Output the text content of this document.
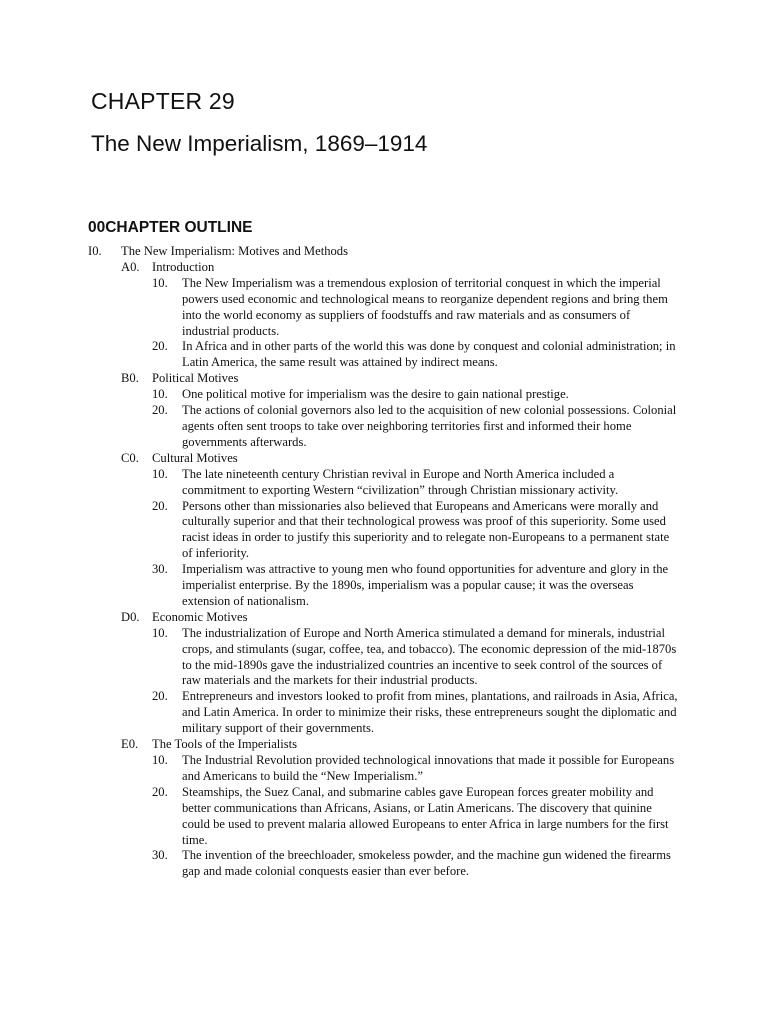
CHAPTER 29
The New Imperialism, 1869–1914
00CHAPTER OUTLINE
I0. The New Imperialism: Motives and Methods
A0. Introduction
10. The New Imperialism was a tremendous explosion of territorial conquest in which the imperial powers used economic and technological means to reorganize dependent regions and bring them into the world economy as suppliers of foodstuffs and raw materials and as consumers of industrial products.
20. In Africa and in other parts of the world this was done by conquest and colonial administration; in Latin America, the same result was attained by indirect means.
B0. Political Motives
10. One political motive for imperialism was the desire to gain national prestige.
20. The actions of colonial governors also led to the acquisition of new colonial possessions. Colonial agents often sent troops to take over neighboring territories first and informed their home governments afterwards.
C0. Cultural Motives
10. The late nineteenth century Christian revival in Europe and North America included a commitment to exporting Western “civilization” through Christian missionary activity.
20. Persons other than missionaries also believed that Europeans and Americans were morally and culturally superior and that their technological prowess was proof of this superiority. Some used racist ideas in order to justify this superiority and to relegate non-Europeans to a permanent state of inferiority.
30. Imperialism was attractive to young men who found opportunities for adventure and glory in the imperialist enterprise. By the 1890s, imperialism was a popular cause; it was the overseas extension of nationalism.
D0. Economic Motives
10. The industrialization of Europe and North America stimulated a demand for minerals, industrial crops, and stimulants (sugar, coffee, tea, and tobacco). The economic depression of the mid-1870s to the mid-1890s gave the industrialized countries an incentive to seek control of the sources of raw materials and the markets for their industrial products.
20. Entrepreneurs and investors looked to profit from mines, plantations, and railroads in Asia, Africa, and Latin America. In order to minimize their risks, these entrepreneurs sought the diplomatic and military support of their governments.
E0. The Tools of the Imperialists
10. The Industrial Revolution provided technological innovations that made it possible for Europeans and Americans to build the “New Imperialism.”
20. Steamships, the Suez Canal, and submarine cables gave European forces greater mobility and better communications than Africans, Asians, or Latin Americans. The discovery that quinine could be used to prevent malaria allowed Europeans to enter Africa in large numbers for the first time.
30. The invention of the breechloader, smokeless powder, and the machine gun widened the firearms gap and made colonial conquests easier than ever before.
